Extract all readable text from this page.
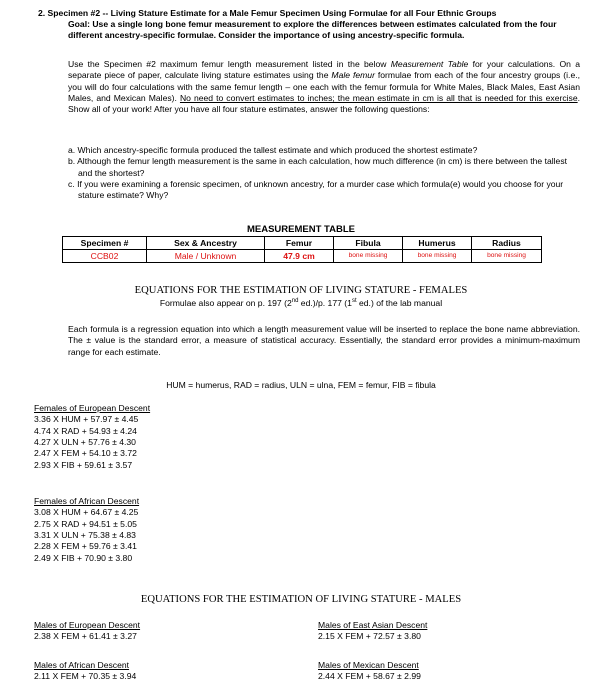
2. Specimen #2 -- Living Stature Estimate for a Male Femur Specimen Using Formulae for all Four Ethnic Groups
Goal: Use a single long bone femur measurement to explore the differences between estimates calculated from the four different ancestry-specific formulae. Consider the importance of using ancestry-specific formula.
Use the Specimen #2 maximum femur length measurement listed in the below Measurement Table for your calculations. On a separate piece of paper, calculate living stature estimates using the Male femur formulae from each of the four ancestry groups (i.e., you will do four calculations with the same femur length – one each with the femur formula for White Males, Black Males, East Asian Males, and Mexican Males). No need to convert estimates to inches; the mean estimate in cm is all that is needed for this exercise. Show all of your work! After you have all four stature estimates, answer the following questions:
a. Which ancestry-specific formula produced the tallest estimate and which produced the shortest estimate?
b. Although the femur length measurement is the same in each calculation, how much difference (in cm) is there between the tallest and the shortest?
c. If you were examining a forensic specimen, of unknown ancestry, for a murder case which formula(e) would you choose for your stature estimate? Why?
MEASUREMENT TABLE
Specimen #	Sex & Ancestry	Femur	Fibula	Humerus	Radius
CCB02	Male / Unknown	47.9 cm	bone missing	bone missing	bone missing
EQUATIONS FOR THE ESTIMATION OF LIVING STATURE - FEMALES
Formulae also appear on p. 197 (2nd ed.)/p. 177 (1st ed.) of the lab manual
Each formula is a regression equation into which a length measurement value will be inserted to replace the bone name abbreviation. The ± value is the standard error, a measure of statistical accuracy. Essentially, the standard error provides a minimum-maximum range for each estimate.
HUM = humerus, RAD = radius, ULN = ulna, FEM = femur, FIB = fibula
Females of European Descent
3.36 X HUM + 57.97 ± 4.45
4.74 X RAD + 54.93 ± 4.24
4.27 X ULN + 57.76 ± 4.30
2.47 X FEM + 54.10 ± 3.72
2.93 X FIB + 59.61 ± 3.57
Females of African Descent
3.08 X HUM + 64.67 ± 4.25
2.75 X RAD + 94.51 ± 5.05
3.31 X ULN + 75.38 ± 4.83
2.28 X FEM + 59.76 ± 3.41
2.49 X FIB + 70.90 ± 3.80
EQUATIONS FOR THE ESTIMATION OF LIVING STATURE - MALES
Males of European Descent
2.38 X FEM + 61.41 ± 3.27
Males of East Asian Descent
2.15 X FEM + 72.57 ± 3.80
Males of African Descent
2.11 X FEM + 70.35 ± 3.94
Males of Mexican Descent
2.44 X FEM + 58.67 ± 2.99
